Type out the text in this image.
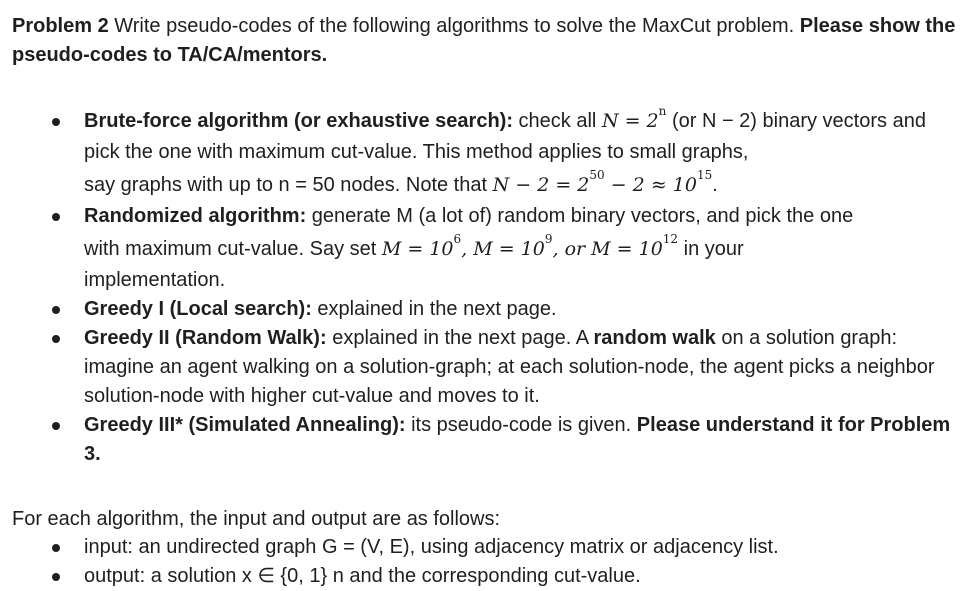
Problem 2 Write pseudo-codes of the following algorithms to solve the MaxCut problem. Please show the pseudo-codes to TA/CA/mentors.

Brute-force algorithm (or exhaustive search): check all $N = 2^n$ (or N − 2) binary vectors and pick the one with maximum cut-value. This method applies to small graphs,
say graphs with up to n = 50 nodes. Note that $N - 2 = 2^{50} - 2 \approx 10^{15}$.
Randomized algorithm: generate M (a lot of) random binary vectors, and pick the one
with maximum cut-value. Say set $M = 10^6$, $M = 10^9$, or $M = 10^{12}$ in your
implementation.
Greedy I (Local search): explained in the next page.
Greedy II (Random Walk): explained in the next page. A random walk on a solution graph: imagine an agent walking on a solution-graph; at each solution-node, the agent picks a neighbor solution-node with higher cut-value and moves to it.
Greedy III* (Simulated Annealing): its pseudo-code is given. Please understand it for Problem 3.

For each algorithm, the input and output are as follows:

input: an undirected graph G = (V, E), using adjacency matrix or adjacency list.
output: a solution x ∈ {0, 1} n and the corresponding cut-value.
